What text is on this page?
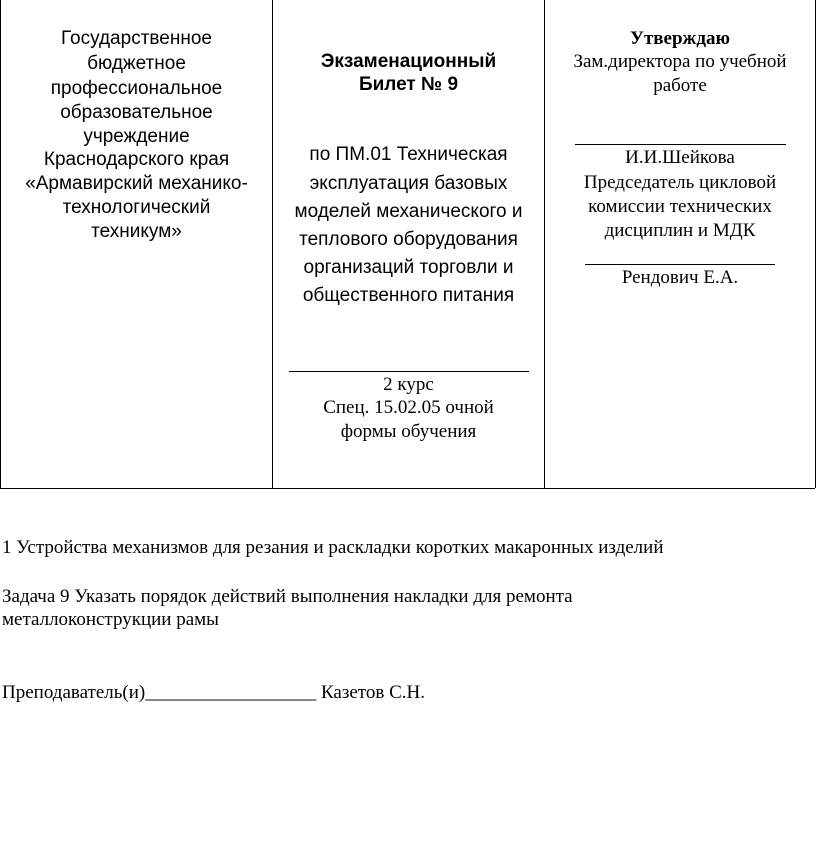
Государственное
бюджетное
профессиональное
образовательное
учреждение
Краснодарского края
«Армавирский механико-
технологический
техникум»
Экзаменационный
Билет № 9
по ПМ.01 Техническая
эксплуатация базовых
моделей механического и
теплового оборудования
организаций торговли и
общественного питания
2 курс
Спец. 15.02.05 очной
формы обучения
Утверждаю
Зам.директора по учебной
работе
И.И.Шейкова
Председатель цикловой
комиссии технических
дисциплин и МДК
Рендович Е.А.
1 Устройства механизмов для резания и раскладки коротких макаронных изделий
Задача 9 Указать порядок действий выполнения накладки для ремонта
металлоконструкции рамы
Преподаватель(и)__________________ Казетов С.Н.
